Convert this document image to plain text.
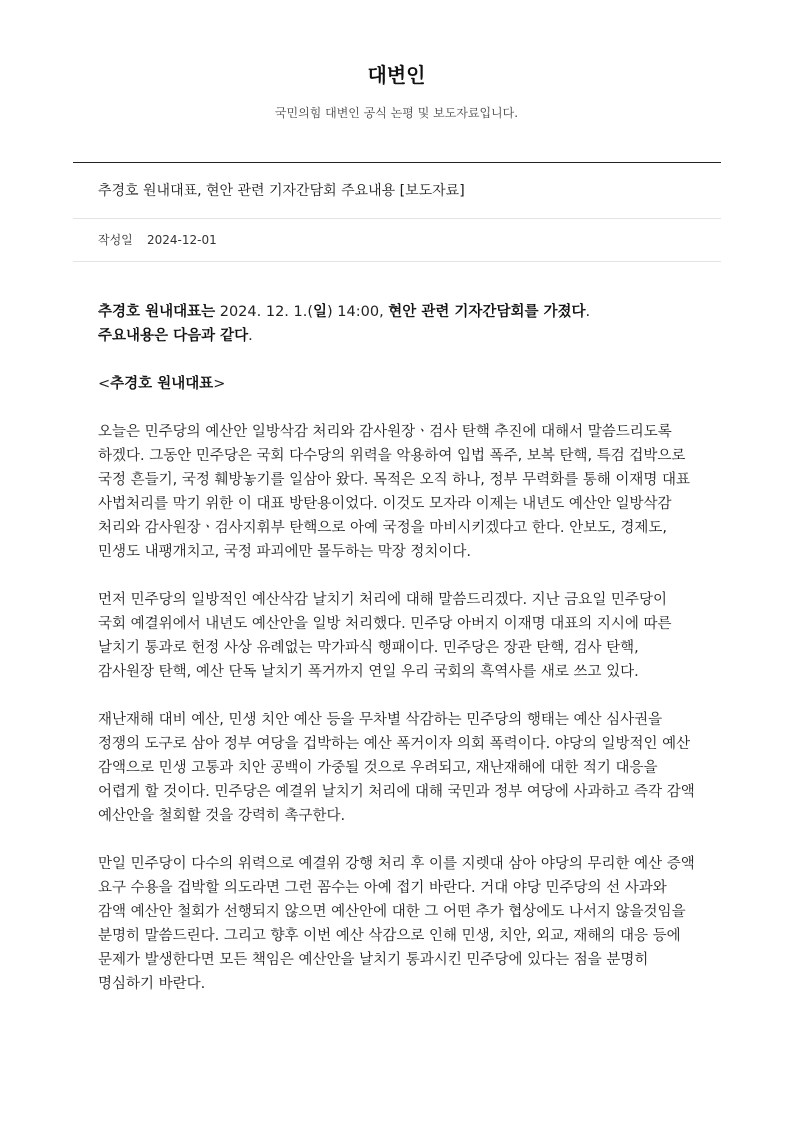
대변인
국민의힘 대변인 공식 논평 및 보도자료입니다.
추경호 원내대표, 현안 관련 기자간담회 주요내용 [보도자료]
작성일 2024-12-01

추경호 원내대표는 2024. 12. 1.(일) 14:00, 현안 관련 기자간담회를 가졌다.
주요내용은 다음과 같다.

<추경호 원내대표>

오늘은 민주당의 예산안 일방삭감 처리와 감사원장ㆍ검사 탄핵 추진에 대해서 말씀드리도록 하겠다. 그동안 민주당은 국회 다수당의 위력을 악용하여 입법 폭주, 보복 탄핵, 특검 겁박으로 국정 흔들기, 국정 훼방놓기를 일삼아 왔다. 목적은 오직 하나, 정부 무력화를 통해 이재명 대표 사법처리를 막기 위한 이 대표 방탄용이었다. 이것도 모자라 이제는 내년도 예산안 일방삭감 처리와 감사원장ㆍ검사지휘부 탄핵으로 아예 국정을 마비시키겠다고 한다. 안보도, 경제도, 민생도 내팽개치고, 국정 파괴에만 몰두하는 막장 정치이다.

먼저 민주당의 일방적인 예산삭감 날치기 처리에 대해 말씀드리겠다. 지난 금요일 민주당이 국회 예결위에서 내년도 예산안을 일방 처리했다. 민주당 아버지 이재명 대표의 지시에 따른 날치기 통과로 헌정 사상 유례없는 막가파식 행패이다. 민주당은 장관 탄핵, 검사 탄핵, 감사원장 탄핵, 예산 단독 날치기 폭거까지 연일 우리 국회의 흑역사를 새로 쓰고 있다.

재난재해 대비 예산, 민생 치안 예산 등을 무차별 삭감하는 민주당의 행태는 예산 심사권을 정쟁의 도구로 삼아 정부 여당을 겁박하는 예산 폭거이자 의회 폭력이다. 야당의 일방적인 예산 감액으로 민생 고통과 치안 공백이 가중될 것으로 우려되고, 재난재해에 대한 적기 대응을 어렵게 할 것이다. 민주당은 예결위 날치기 처리에 대해 국민과 정부 여당에 사과하고 즉각 감액 예산안을 철회할 것을 강력히 촉구한다.

만일 민주당이 다수의 위력으로 예결위 강행 처리 후 이를 지렛대 삼아 야당의 무리한 예산 증액 요구 수용을 겁박할 의도라면 그런 꼼수는 아예 접기 바란다. 거대 야당 민주당의 선 사과와 감액 예산안 철회가 선행되지 않으면 예산안에 대한 그 어떤 추가 협상에도 나서지 않을것임을 분명히 말씀드린다. 그리고 향후 이번 예산 삭감으로 인해 민생, 치안, 외교, 재해의 대응 등에 문제가 발생한다면 모든 책임은 예산안을 날치기 통과시킨 민주당에 있다는 점을 분명히 명심하기 바란다.
